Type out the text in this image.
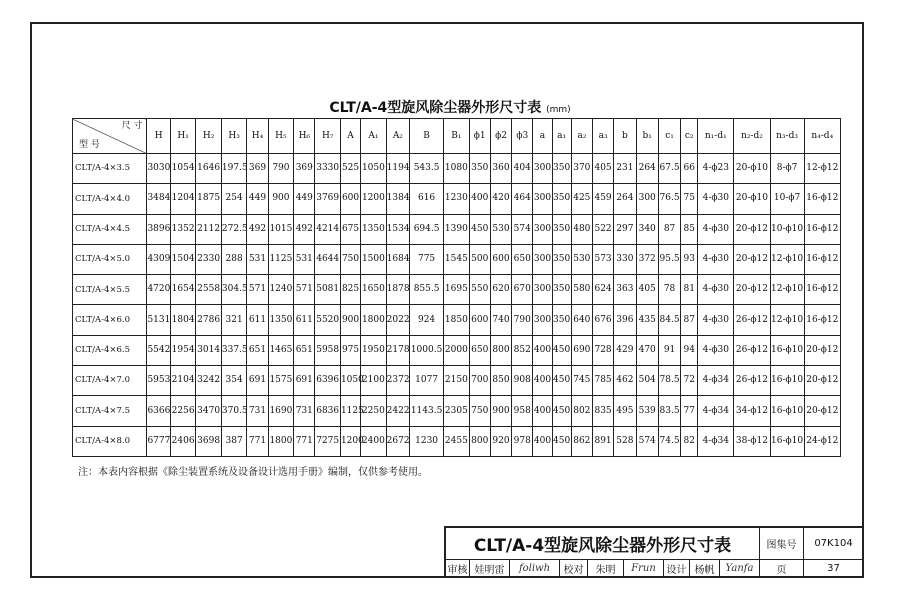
CLT/A-4型旋风除尘器外形尺寸表 (mm)
尺 寸
型 号	H	H₁	H₂	H₃	H₄	H₅	H₆	H₇	A	A₁	A₂	B	B₁	ϕ1	ϕ2	ϕ3	a	a₁	a₂	a₃	b	b₁	c₁	c₂	n₁-d₁	n₂-d₂	n₃-d₃	n₄-d₄
CLT/A-4×3.5	3030	1054	1646	197.5	369	790	369	3330	525	1050	1194	543.5	1080	350	360	404	300	350	370	405	231	264	67.5	66	4-ϕ23	20-ϕ10	8-ϕ7	12-ϕ12
CLT/A-4×4.0	3484	1204	1875	254	449	900	449	3769	600	1200	1384	616	1230	400	420	464	300	350	425	459	264	300	76.5	75	4-ϕ30	20-ϕ10	10-ϕ7	16-ϕ12
CLT/A-4×4.5	3896	1352	2112	272.5	492	1015	492	4214	675	1350	1534	694.5	1390	450	530	574	300	350	480	522	297	340	87	85	4-ϕ30	20-ϕ12	10-ϕ10	16-ϕ12
CLT/A-4×5.0	4309	1504	2330	288	531	1125	531	4644	750	1500	1684	775	1545	500	600	650	300	350	530	573	330	372	95.5	93	4-ϕ30	20-ϕ12	12-ϕ10	16-ϕ12
CLT/A-4×5.5	4720	1654	2558	304.5	571	1240	571	5081	825	1650	1878	855.5	1695	550	620	670	300	350	580	624	363	405	78	81	4-ϕ30	20-ϕ12	12-ϕ10	16-ϕ12
CLT/A-4×6.0	5131	1804	2786	321	611	1350	611	5520	900	1800	2022	924	1850	600	740	790	300	350	640	676	396	435	84.5	87	4-ϕ30	26-ϕ12	12-ϕ10	16-ϕ12
CLT/A-4×6.5	5542	1954	3014	337.5	651	1465	651	5958	975	1950	2178	1000.5	2000	650	800	852	400	450	690	728	429	470	91	94	4-ϕ30	26-ϕ12	16-ϕ10	20-ϕ12
CLT/A-4×7.0	5953	2104	3242	354	691	1575	691	6396	1050	2100	2372	1077	2150	700	850	908	400	450	745	785	462	504	78.5	72	4-ϕ34	26-ϕ12	16-ϕ10	20-ϕ12
CLT/A-4×7.5	6366	2256	3470	370.5	731	1690	731	6836	1125	2250	2422	1143.5	2305	750	900	958	400	450	802	835	495	539	83.5	77	4-ϕ34	34-ϕ12	16-ϕ10	20-ϕ12
CLT/A-4×8.0	6777	2406	3698	387	771	1800	771	7275	1200	2400	2672	1230	2455	800	920	978	400	450	862	891	528	574	74.5	82	4-ϕ34	38-ϕ12	16-ϕ10	24-ϕ12
注：本表内容根据《除尘装置系统及设备设计选用手册》编制，仅供参考使用。
CLT/A-4型旋风除尘器外形尺寸表	图集号	07K104
审核 娃明雷	foliwh	校对	朱明	Frun	设计 杨帆	Yanfa	页	37
